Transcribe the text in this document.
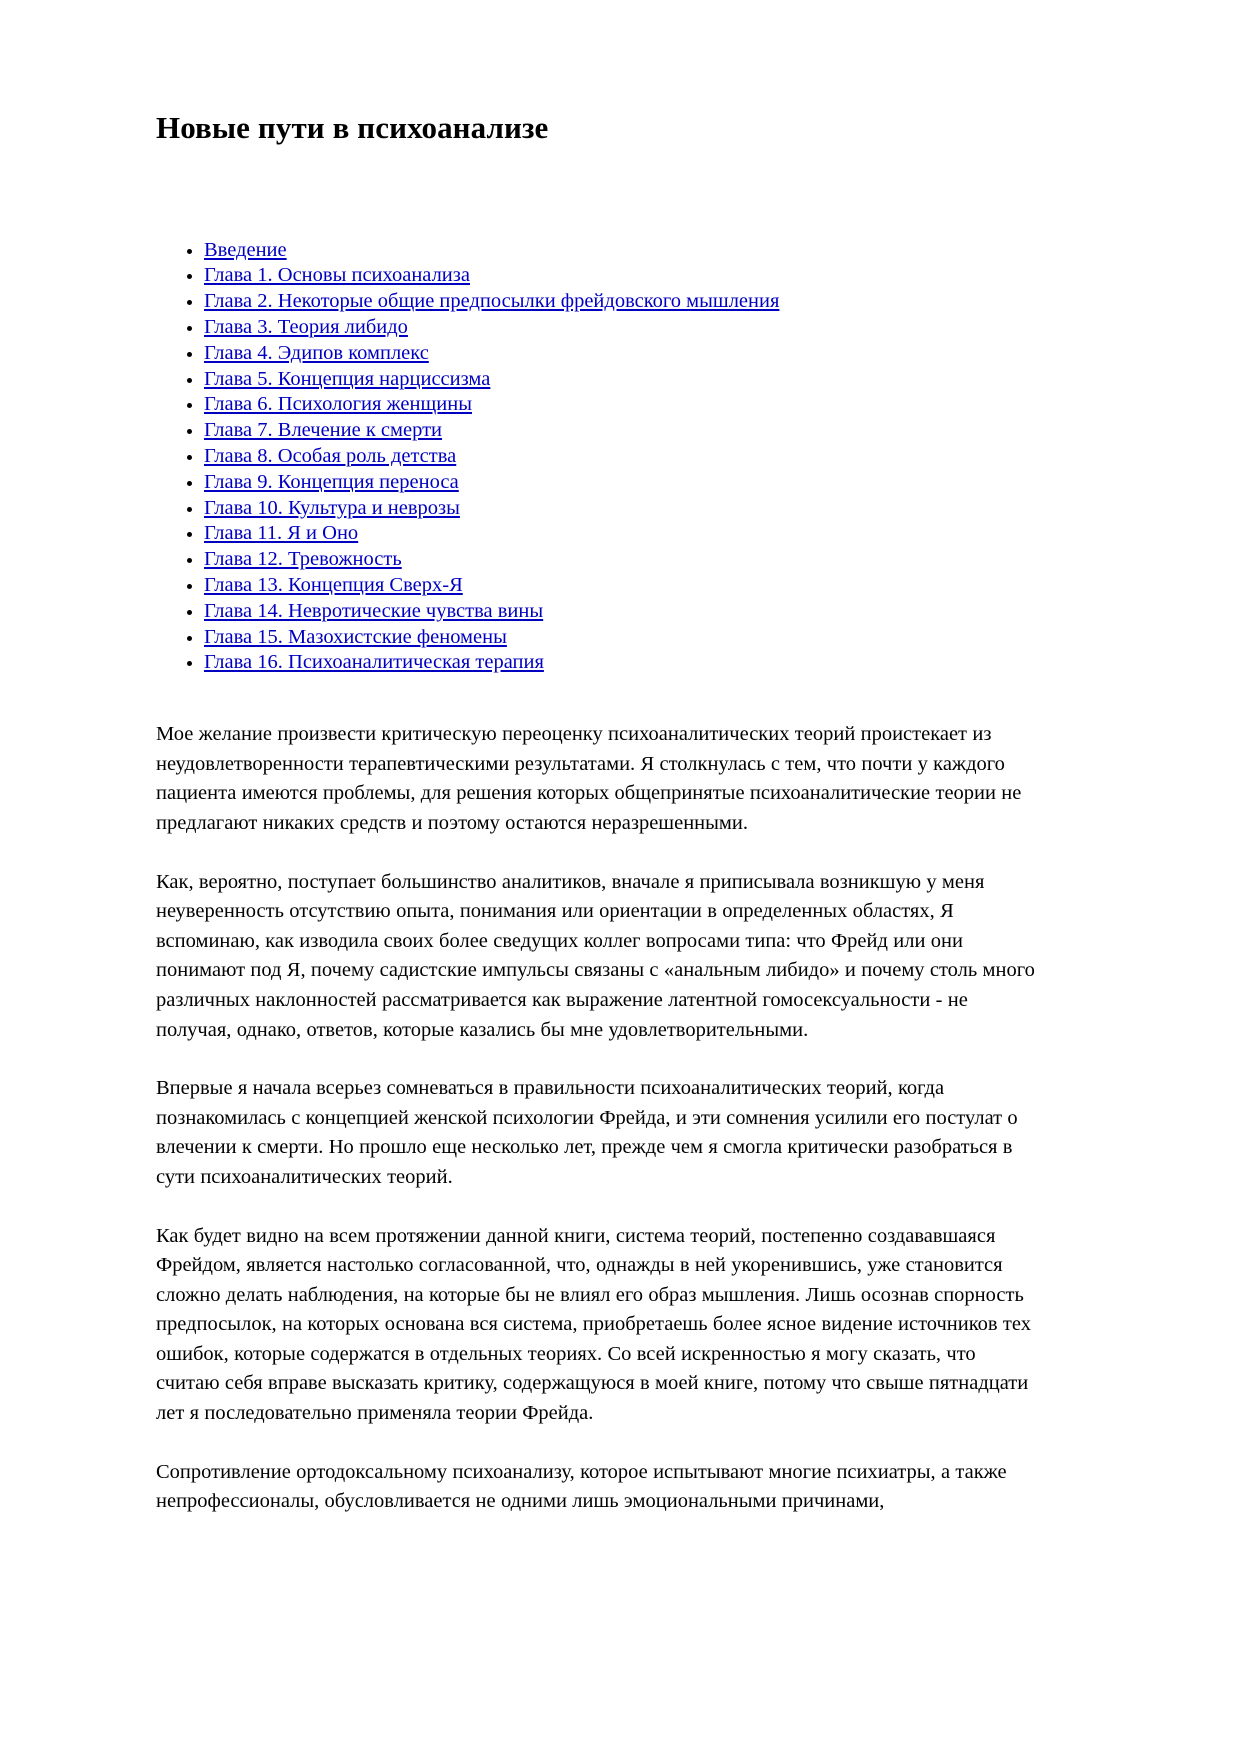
Новые пути в психоанализе
• Введение
• Глава 1. Основы психоанализа
• Глава 2. Некоторые общие предпосылки фрейдовского мышления
• Глава 3. Теория либидо
• Глава 4. Эдипов комплекс
• Глава 5. Концепция нарциссизма
• Глава 6. Психология женщины
• Глава 7. Влечение к смерти
• Глава 8. Особая роль детства
• Глава 9. Концепция переноса
• Глава 10. Культура и неврозы
• Глава 11. Я и Оно
• Глава 12. Тревожность
• Глава 13. Концепция Сверх-Я
• Глава 14. Невротические чувства вины
• Глава 15. Мазохистские феномены
• Глава 16. Психоаналитическая терапия

Мое желание произвести критическую переоценку психоаналитических теорий проистекает из неудовлетворенности терапевтическими результатами. Я столкнулась с тем, что почти у каждого пациента имеются проблемы, для решения которых общепринятые психоаналитические теории не предлагают никаких средств и поэтому остаются неразрешенными.

Как, вероятно, поступает большинство аналитиков, вначале я приписывала возникшую у меня неуверенность отсутствию опыта, понимания или ориентации в определенных областях, Я вспоминаю, как изводила своих более сведущих коллег вопросами типа: что Фрейд или они понимают под Я, почему садистские импульсы связаны с «анальным либидо» и почему столь много различных наклонностей рассматривается как выражение латентной гомосексуальности - не получая, однако, ответов, которые казались бы мне удовлетворительными.

Впервые я начала всерьез сомневаться в правильности психоаналитических теорий, когда познакомилась с концепцией женской психологии Фрейда, и эти сомнения усилили его постулат о влечении к смерти. Но прошло еще несколько лет, прежде чем я смогла критически разобраться в сути психоаналитических теорий.

Как будет видно на всем протяжении данной книги, система теорий, постепенно создававшаяся Фрейдом, является настолько согласованной, что, однажды в ней укоренившись, уже становится сложно делать наблюдения, на которые бы не влиял его образ мышления. Лишь осознав спорность предпосылок, на которых основана вся система, приобретаешь более ясное видение источников тех ошибок, которые содержатся в отдельных теориях. Со всей искренностью я могу сказать, что считаю себя вправе высказать критику, содержащуюся в моей книге, потому что свыше пятнадцати лет я последовательно применяла теории Фрейда.

Сопротивление ортодоксальному психоанализу, которое испытывают многие психиатры, а также непрофессионалы, обусловливается не одними лишь эмоциональными причинами,
